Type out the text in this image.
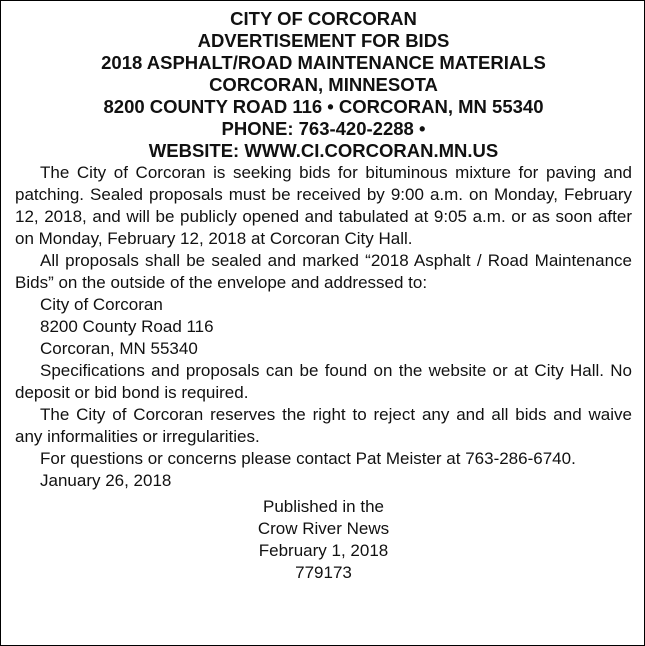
CITY OF CORCORAN
ADVERTISEMENT FOR BIDS
2018 ASPHALT/ROAD MAINTENANCE MATERIALS
CORCORAN, MINNESOTA
8200 COUNTY ROAD 116 • CORCORAN, MN 55340
PHONE: 763-420-2288 •
WEBSITE: WWW.CI.CORCORAN.MN.US

The City of Corcoran is seeking bids for bituminous mixture for paving and patching. Sealed proposals must be received by 9:00 a.m. on Monday, February 12, 2018, and will be publicly opened and tabulated at 9:05 a.m. or as soon after on Monday, February 12, 2018 at Corcoran City Hall.

All proposals shall be sealed and marked “2018 Asphalt / Road Maintenance Bids” on the outside of the envelope and addressed to:

City of Corcoran
8200 County Road 116
Corcoran, MN 55340

Specifications and proposals can be found on the website or at City Hall. No deposit or bid bond is required.

The City of Corcoran reserves the right to reject any and all bids and waive any informalities or irregularities.

For questions or concerns please contact Pat Meister at 763-286-6740.

January 26, 2018
Published in the
Crow River News
February 1, 2018
779173
